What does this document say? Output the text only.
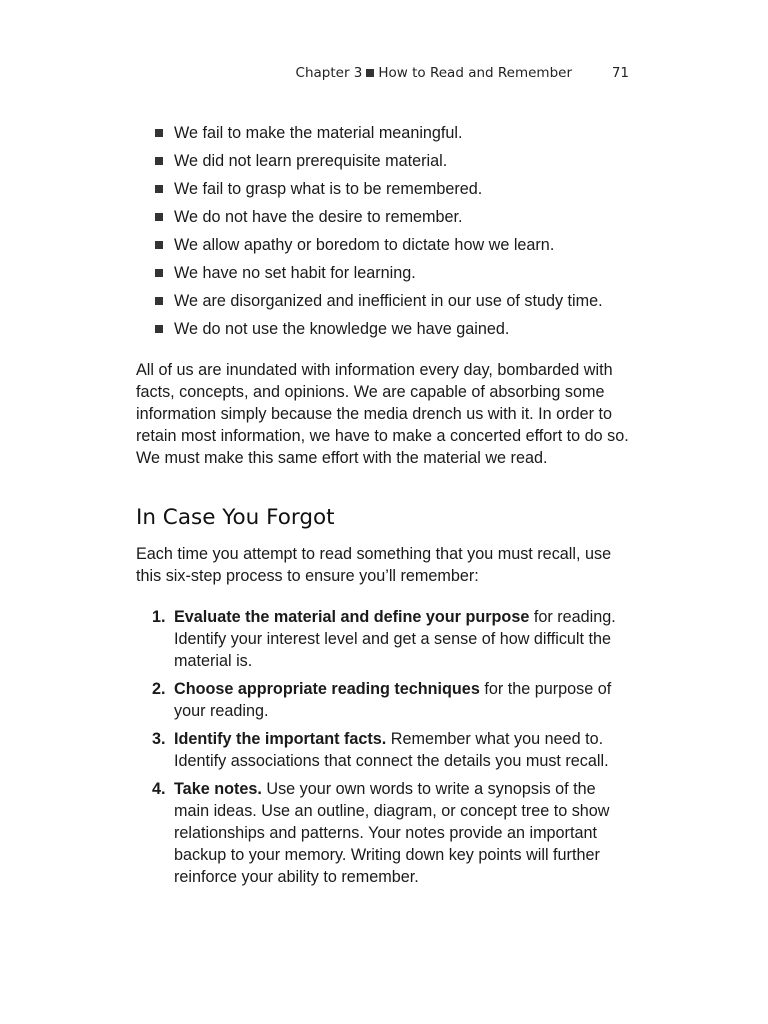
Chapter 3 How to Read and Remember	71
We fail to make the material meaningful.
We did not learn prerequisite material.
We fail to grasp what is to be remembered.
We do not have the desire to remember.
We allow apathy or boredom to dictate how we learn.
We have no set habit for learning.
We are disorganized and inefficient in our use of study time.
We do not use the knowledge we have gained.

All of us are inundated with information every day, bombarded with facts, concepts, and opinions. We are capable of absorbing some information simply because the media drench us with it. In order to retain most information, we have to make a concerted effort to do so. We must make this same effort with the material we read.

In Case You Forgot

Each time you attempt to read something that you must recall, use this six-step process to ensure you’ll remember:

1. Evaluate the material and define your purpose for reading. Identify your interest level and get a sense of how difficult the material is.
2. Choose appropriate reading techniques for the purpose of your reading.
3. Identify the important facts. Remember what you need to. Identify associations that connect the details you must recall.
4. Take notes. Use your own words to write a synopsis of the main ideas. Use an outline, diagram, or concept tree to show relationships and patterns. Your notes provide an important backup to your memory. Writing down key points will further reinforce your ability to remember.
